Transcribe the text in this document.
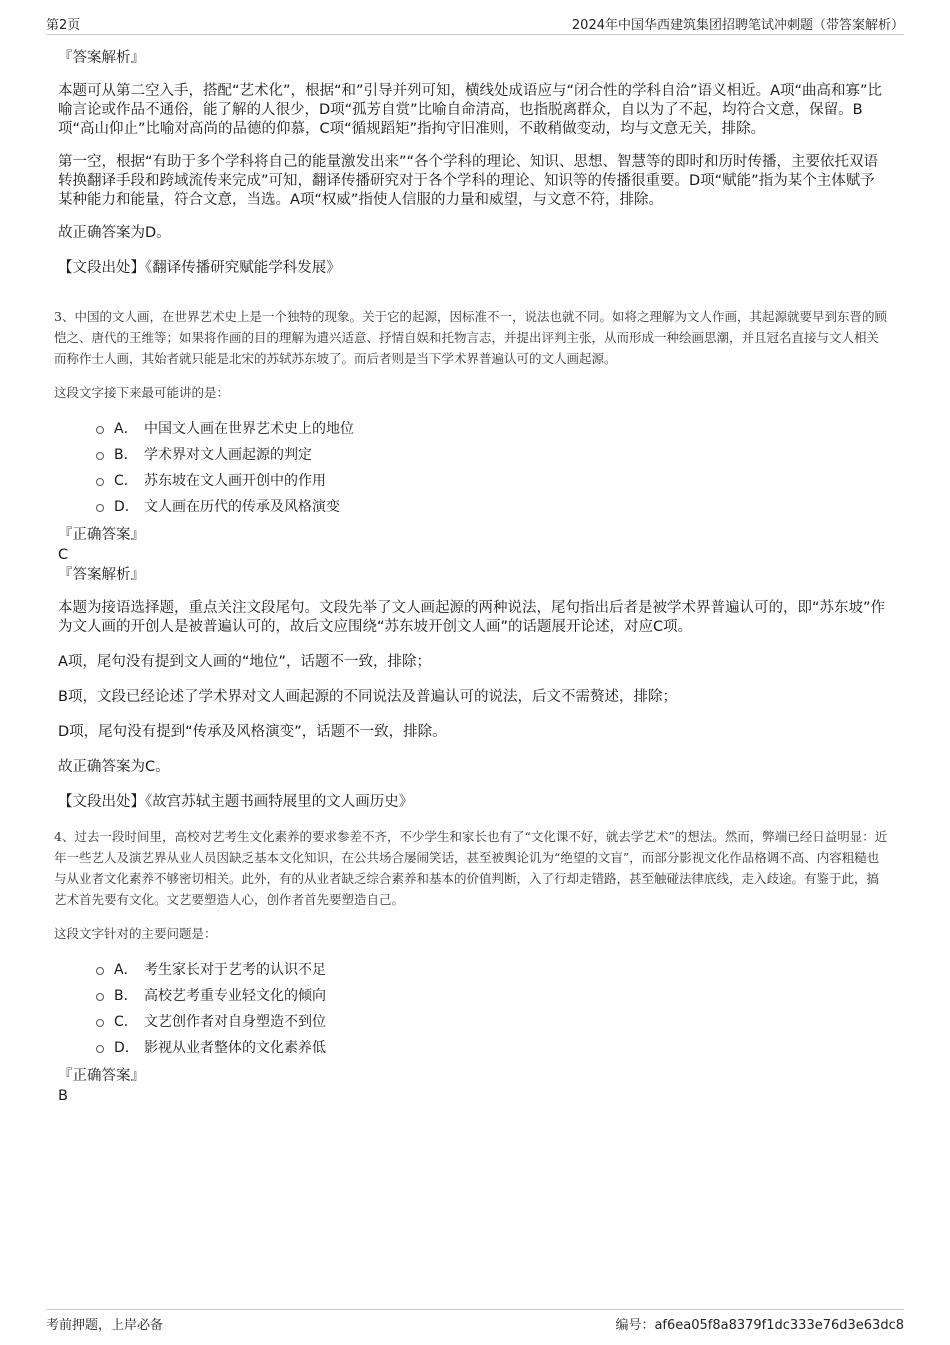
第2页	2024年中国华西建筑集团招聘笔试冲刺题（带答案解析）
『答案解析』

本题可从第二空入手，搭配“艺术化”，根据“和”引导并列可知，横线处成语应与“闭合性的学科自洽”语义相近。A项“曲高和寡”比喻言论或作品不通俗，能了解的人很少，D项“孤芳自赏”比喻自命清高，也指脱离群众，自以为了不起，均符合文意，保留。B项“高山仰止”比喻对高尚的品德的仰慕，C项“循规蹈矩”指拘守旧准则，不敢稍做变动，均与文意无关，排除。

第一空，根据“有助于多个学科将自己的能量激发出来”“各个学科的理论、知识、思想、智慧等的即时和历时传播，主要依托双语转换翻译手段和跨域流传来完成”可知，翻译传播研究对于各个学科的理论、知识等的传播很重要。D项“赋能”指为某个主体赋予某种能力和能量，符合文意，当选。A项“权威”指使人信服的力量和威望，与文意不符，排除。

故正确答案为D。

【文段出处】《翻译传播研究赋能学科发展》

3、中国的文人画，在世界艺术史上是一个独特的现象。关于它的起源，因标准不一，说法也就不同。如将之理解为文人作画，其起源就要早到东晋的顾恺之、唐代的王维等；如果将作画的目的理解为遣兴适意、抒情自娱和托物言志，并提出评判主张，从而形成一种绘画思潮，并且冠名直接与文人相关而称作士人画，其始者就只能是北宋的苏轼苏东坡了。而后者则是当下学术界普遍认可的文人画起源。

这段文字接下来最可能讲的是：

A． 中国文人画在世界艺术史上的地位
B． 学术界对文人画起源的判定
C． 苏东坡在文人画开创中的作用
D． 文人画在历代的传承及风格演变
『正确答案』
C
『答案解析』

本题为接语选择题，重点关注文段尾句。文段先举了文人画起源的两种说法，尾句指出后者是被学术界普遍认可的，即“苏东坡”作为文人画的开创人是被普遍认可的，故后文应围绕“苏东坡开创文人画”的话题展开论述，对应C项。

A项，尾句没有提到文人画的“地位”，话题不一致，排除；

B项，文段已经论述了学术界对文人画起源的不同说法及普遍认可的说法，后文不需赘述，排除；

D项，尾句没有提到“传承及风格演变”，话题不一致，排除。

故正确答案为C。

【文段出处】《故宫苏轼主题书画特展里的文人画历史》

4、过去一段时间里，高校对艺考生文化素养的要求参差不齐，不少学生和家长也有了“文化课不好，就去学艺术”的想法。然而，弊端已经日益明显：近年一些艺人及演艺界从业人员因缺乏基本文化知识，在公共场合屡闹笑话，甚至被舆论讥为“绝望的文盲”，而部分影视文化作品格调不高、内容粗糙也与从业者文化素养不够密切相关。此外，有的从业者缺乏综合素养和基本的价值判断，入了行却走错路，甚至触碰法律底线，走入歧途。有鉴于此，搞艺术首先要有文化。文艺要塑造人心，创作者首先要塑造自己。

这段文字针对的主要问题是：

A． 考生家长对于艺考的认识不足
B． 高校艺考重专业轻文化的倾向
C． 文艺创作者对自身塑造不到位
D． 影视从业者整体的文化素养低
『正确答案』
B
考前押题，上岸必备	编号：af6ea05f8a8379f1dc333e76d3e63dc8
